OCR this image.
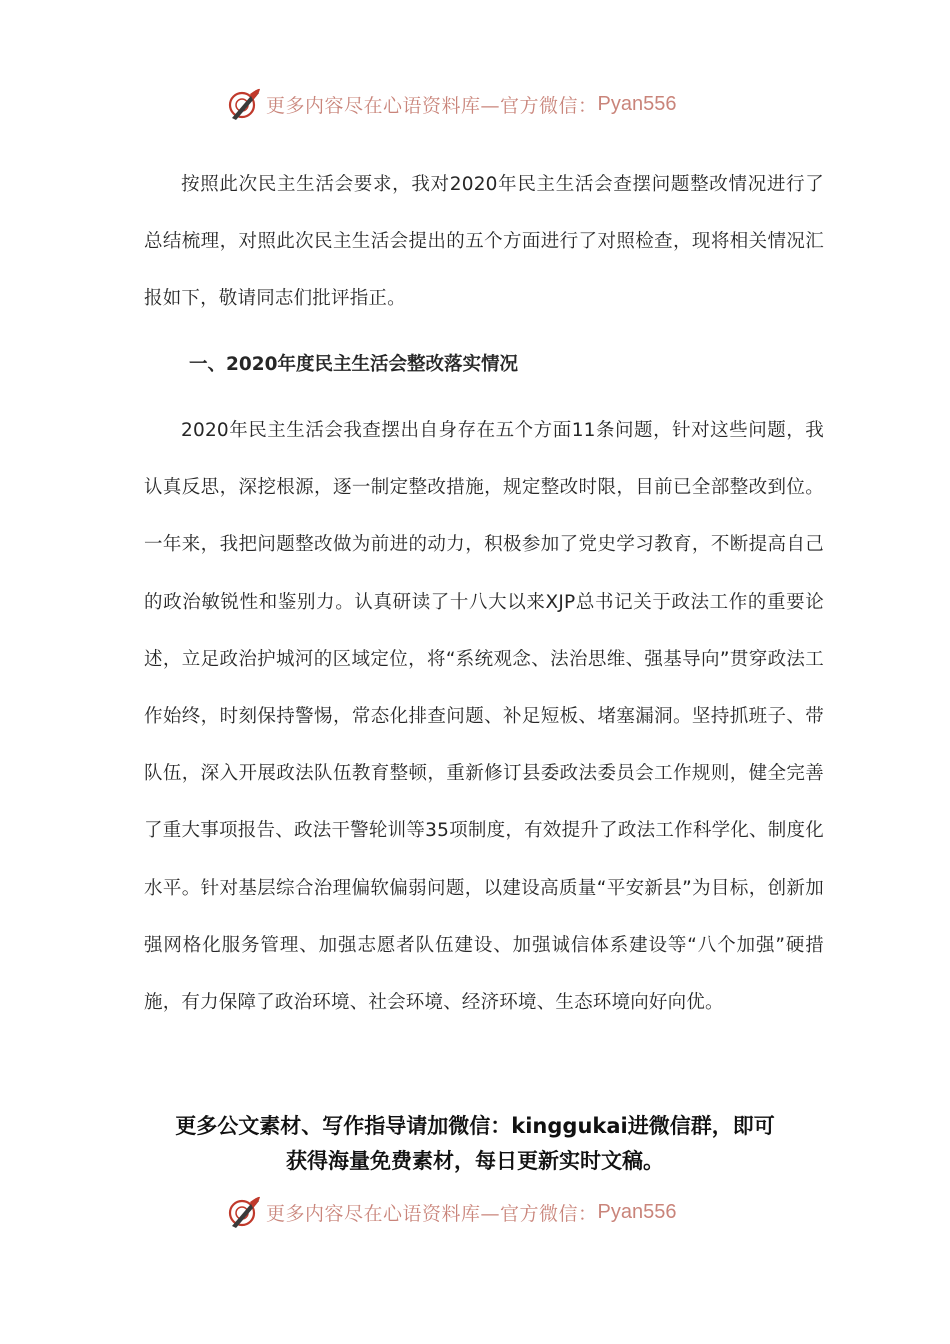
更多内容尽在心语资料库—官方微信： Pyan556

按照此次民主生活会要求，我对2020年民主生活会查摆问题整改情况进行了总结梳理，对照此次民主生活会提出的五个方面进行了对照检查，现将相关情况汇报如下，敬请同志们批评指正。

一、2020年度民主生活会整改落实情况

2020年民主生活会我查摆出自身存在五个方面11条问题，针对这些问题，我认真反思，深挖根源，逐一制定整改措施，规定整改时限，目前已全部整改到位。一年来，我把问题整改做为前进的动力，积极参加了党史学习教育，不断提高自己的政治敏锐性和鉴别力。认真研读了十八大以来XJP总书记关于政法工作的重要论述，立足政治护城河的区域定位，将“系统观念、法治思维、强基导向”贯穿政法工作始终，时刻保持警惕，常态化排查问题、补足短板、堵塞漏洞。坚持抓班子、带队伍，深入开展政法队伍教育整顿，重新修订县委政法委员会工作规则，健全完善了重大事项报告、政法干警轮训等35项制度，有效提升了政法工作科学化、制度化水平。针对基层综合治理偏软偏弱问题，以建设高质量“平安新县”为目标，创新加强网格化服务管理、加强志愿者队伍建设、加强诚信体系建设等“八个加强”硬措施，有力保障了政治环境、社会环境、经济环境、生态环境向好向优。

更多公文素材、写作指导请加微信：kinggukai进微信群，即可
获得海量免费素材，每日更新实时文稿。
更多内容尽在心语资料库—官方微信： Pyan556
